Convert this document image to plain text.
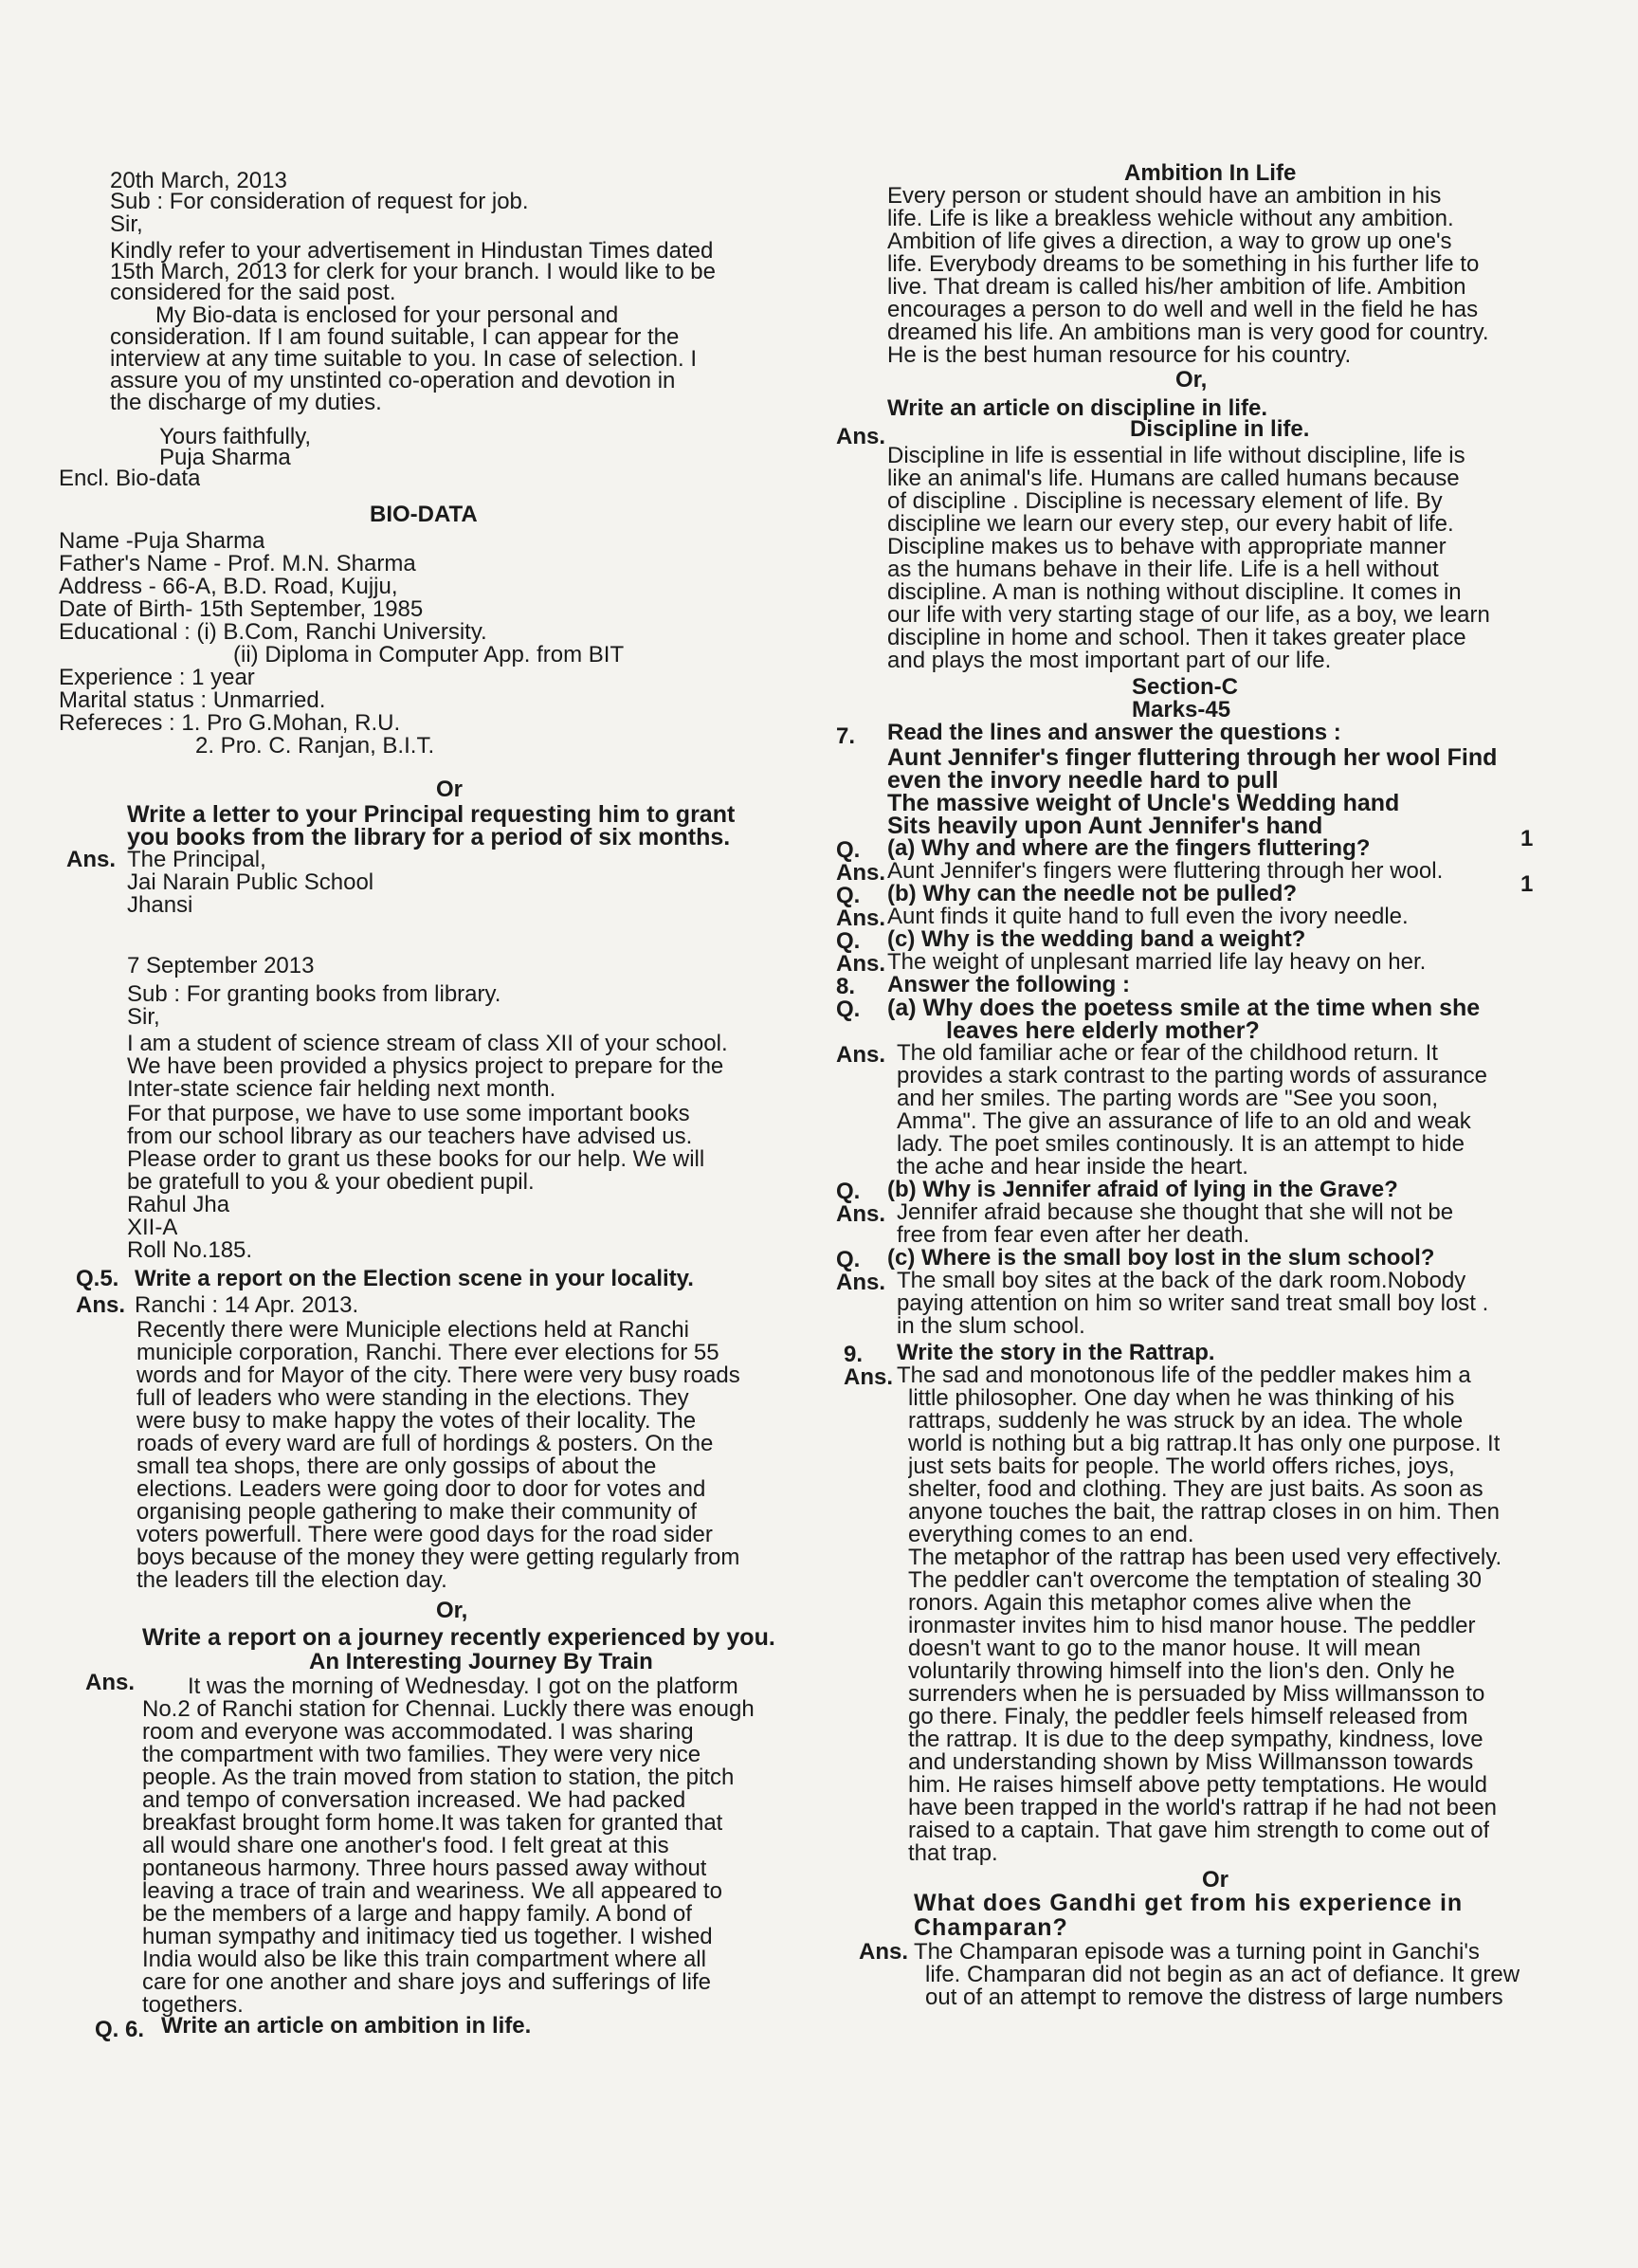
20th March, 2013
Sub : For consideration of request for job.
Sir,
Kindly refer to your advertisement in Hindustan Times dated
15th March, 2013 for clerk for your branch. I would like to be
considered for the said post.
My Bio-data is enclosed for your personal and
consideration. If I am found suitable, I can appear for the
interview at any time suitable to you. In case of selection. I
assure you of my unstinted co-operation and devotion in
the discharge of my duties.
Yours faithfully,
Puja Sharma
Encl. Bio-data
BIO-DATA
Name -Puja Sharma
Father's Name - Prof. M.N. Sharma
Address - 66-A, B.D. Road, Kujju,
Date of Birth- 15th September, 1985
Educational : (i) B.Com, Ranchi University.
(ii) Diploma in Computer App. from BIT
Experience : 1 year
Marital status : Unmarried.
Refereces : 1. Pro G.Mohan, R.U.
2. Pro. C. Ranjan, B.I.T.
Or
Write a letter to your Principal requesting him to grant
you books from the library for a period of six months.
Ans. The Principal,
Jai Narain Public School
Jhansi
7 September 2013
Sub : For granting books from library.
Sir,
I am a student of science stream of class XII of your school.
We have been provided a physics project to prepare for the
Inter-state science fair helding next month.
For that purpose, we have to use some important books
from our school library as our teachers have advised us.
Please order to grant us these books for our help. We will
be gratefull to you & your obedient pupil.
Rahul Jha
XII-A
Roll No.185.
Q.5. Write a report on the Election scene in your locality.
Ans. Ranchi : 14 Apr. 2013.
Recently there were Municiple elections held at Ranchi
municiple corporation, Ranchi. There ever elections for 55
words and for Mayor of the city. There were very busy roads
full of leaders who were standing in the elections. They
were busy to make happy the votes of their locality. The
roads of every ward are full of hordings & posters. On the
small tea shops, there are only gossips of about the
elections. Leaders were going door to door for votes and
organising people gathering to make their community of
voters powerfull. There were good days for the road sider
boys because of the money they were getting regularly from
the leaders till the election day.
Or,
Write a report on a journey recently experienced by you.
Ans.
An Interesting Journey By Train
It was the morning of Wednesday. I got on the platform
No.2 of Ranchi station for Chennai. Luckly there was enough
room and everyone was accommodated. I was sharing
the compartment with two families. They were very nice
people. As the train moved from station to station, the pitch
and tempo of conversation increased. We had packed
breakfast brought form home.It was taken for granted that
all would share one another's food. I felt great at this
pontaneous harmony. Three hours passed away without
leaving a trace of train and weariness. We all appeared to
be the members of a large and happy family. A bond of
human sympathy and initimacy tied us together. I wished
India would also be like this train compartment where all
care for one another and share joys and sufferings of life
togethers.
Q. 6. Write an article on ambition in life.
Ambition In Life
Every person or student should have an ambition in his
life. Life is like a breakless wehicle without any ambition.
Ambition of life gives a direction, a way to grow up one's
life. Everybody dreams to be something in his further life to
live. That dream is called his/her ambition of life. Ambition
encourages a person to do well and well in the field he has
dreamed his life. An ambitions man is very good for country.
He is the best human resource for his country.
Or,
Write an article on discipline in life.
Ans.	Discipline in life.
Discipline in life is essential in life without discipline, life is
like an animal's life. Humans are called humans because
of discipline . Discipline is necessary element of life. By
discipline we learn our every step, our every habit of life.
Discipline makes us to behave with appropriate manner
as the humans behave in their life. Life is a hell without
discipline. A man is nothing without discipline. It comes in
our life with very starting stage of our life, as a boy, we learn
discipline in home and school. Then it takes greater place
and plays the most important part of our life.
Section-C
Marks-45
7. Read the lines and answer the questions :
Aunt Jennifer's finger fluttering through her wool Find
even the invory needle hard to pull
The massive weight of Uncle's Wedding hand
Sits heavily upon Aunt Jennifer's hand
Q. (a) Why and where are the fingers fluttering?	1
Ans. Aunt Jennifer's fingers were fluttering through her wool.
Q. (b) Why can the needle not be pulled?	1
Ans. Aunt finds it quite hand to full even the ivory needle.
Q. (c) Why is the wedding band a weight?
Ans. The weight of unplesant married life lay heavy on her.
8. Answer the following :
Q. (a) Why does the poetess smile at the time when she
leaves here elderly mother?
Ans. The old familiar ache or fear of the childhood return. It
provides a stark contrast to the parting words of assurance
and her smiles. The parting words are "See you soon,
Amma". The give an assurance of life to an old and weak
lady. The poet smiles continously. It is an attempt to hide
the ache and hear inside the heart.
Q. (b) Why is Jennifer afraid of lying in the Grave?
Ans. Jennifer afraid because she thought that she will not be
free from fear even after her death.
Q. (c) Where is the small boy lost in the slum school?
Ans. The small boy sites at the back of the dark room.Nobody
paying attention on him so writer sand treat small boy lost .
in the slum school.
9. Write the story in the Rattrap.
Ans. The sad and monotonous life of the peddler makes him a
little philosopher. One day when he was thinking of his
rattraps, suddenly he was struck by an idea. The whole
world is nothing but a big rattrap.It has only one purpose. It
just sets baits for people. The world offers riches, joys,
shelter, food and clothing. They are just baits. As soon as
anyone touches the bait, the rattrap closes in on him. Then
everything comes to an end.
The metaphor of the rattrap has been used very effectively.
The peddler can't overcome the temptation of stealing 30
ronors. Again this metaphor comes alive when the
ironmaster invites him to hisd manor house. The peddler
doesn't want to go to the manor house. It will mean
voluntarily throwing himself into the lion's den. Only he
surrenders when he is persuaded by Miss willmansson to
go there. Finaly, the peddler feels himself released from
the rattrap. It is due to the deep sympathy, kindness, love
and understanding shown by Miss Willmansson towards
him. He raises himself above petty temptations. He would
have been trapped in the world's rattrap if he had not been
raised to a captain. That gave him strength to come out of
that trap.
Or
What does Gandhi get from his experience in
Champaran?
Ans. The Champaran episode was a turning point in Ganchi's
life. Champaran did not begin as an act of defiance. It grew
out of an attempt to remove the distress of large numbers
